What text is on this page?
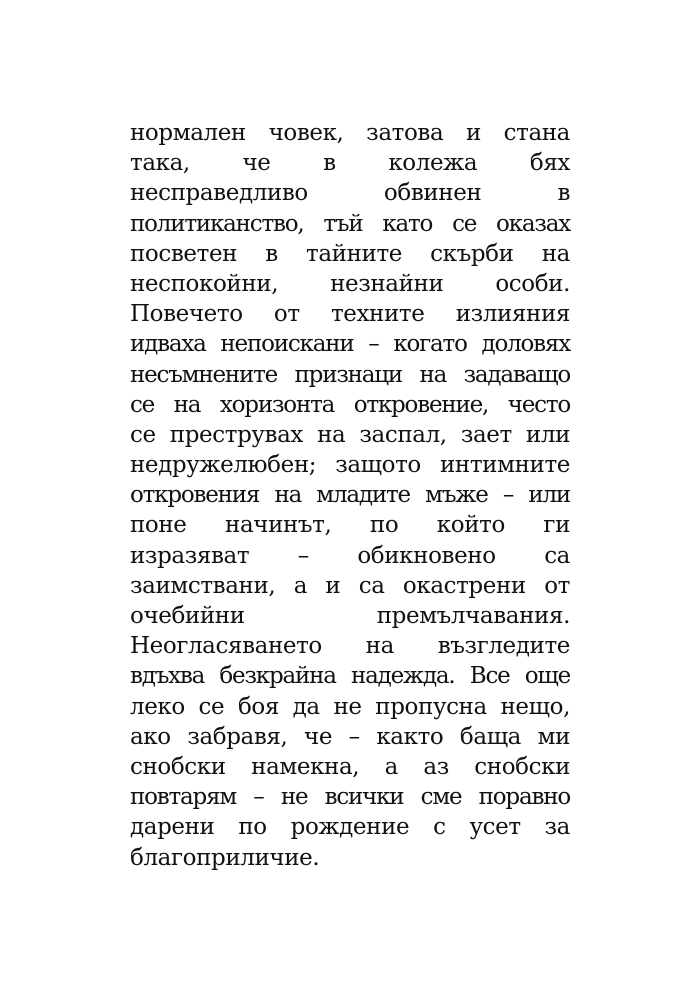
нормален човек, затова и стана
така, че в колежа бях
несправедливо обвинен в
политиканство, тъй като се оказах
посветен в тайните скърби на
неспокойни, незнайни особи.
Повечето от техните излияния
идваха непоискани – когато доловях
несъмнените признаци на задаващо
се на хоризонта откровение, често
се преструвах на заспал, зает или
недружелюбен; защото интимните
откровения на младите мъже – или
поне начинът, по който ги
изразяват – обикновено са
заимствани, а и са окастрени от
очебийни премълчавания.
Неогласяването на възгледите
вдъхва безкрайна надежда. Все още
леко се боя да не пропусна нещо,
ако забравя, че – както баща ми
снобски намекна, а аз снобски
повтарям – не всички сме поравно
дарени по рождение с усет за
благоприличие.
